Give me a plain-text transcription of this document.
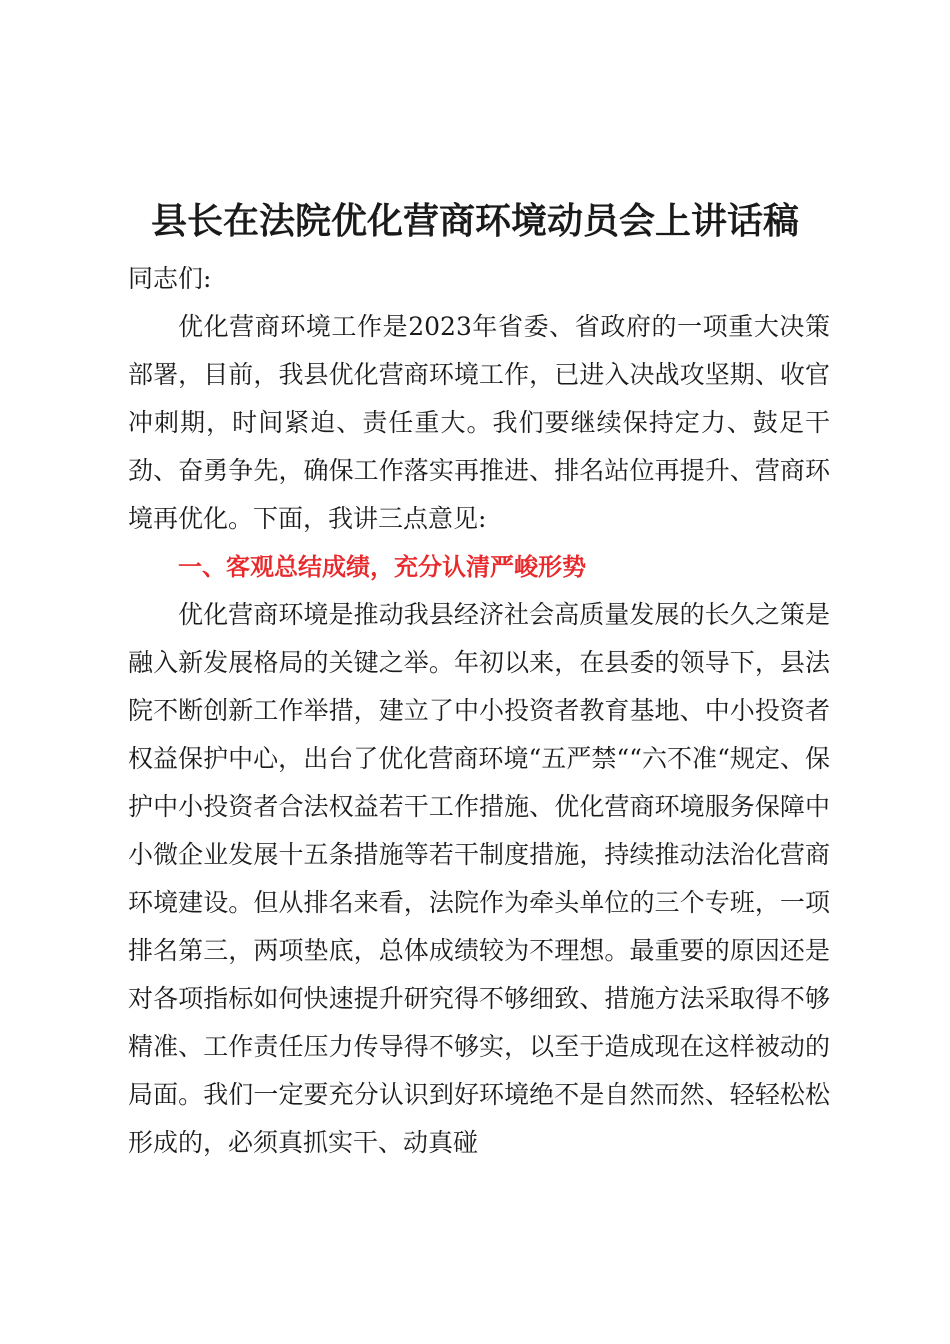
县长在法院优化营商环境动员会上讲话稿

同志们:

优化营商环境工作是2023年省委、省政府的一项重大决策部署，目前，我县优化营商环境工作，已进入决战攻坚期、收官冲刺期，时间紧迫、责任重大。我们要继续保持定力、鼓足干劲、奋勇争先，确保工作落实再推进、排名站位再提升、营商环境再优化。下面，我讲三点意见:

一、客观总结成绩，充分认清严峻形势

优化营商环境是推动我县经济社会高质量发展的长久之策是融入新发展格局的关键之举。年初以来，在县委的领导下，县法院不断创新工作举措，建立了中小投资者教育基地、中小投资者权益保护中心，出台了优化营商环境“五严禁““六不准“规定、保护中小投资者合法权益若干工作措施、优化营商环境服务保障中小微企业发展十五条措施等若干制度措施，持续推动法治化营商环境建设。但从排名来看，法院作为牵头单位的三个专班，一项排名第三，两项垫底，总体成绩较为不理想。最重要的原因还是对各项指标如何快速提升研究得不够细致、措施方法采取得不够精准、工作责任压力传导得不够实，以至于造成现在这样被动的局面。我们一定要充分认识到好环境绝不是自然而然、轻轻松松形成的，必须真抓实干、动真碰
